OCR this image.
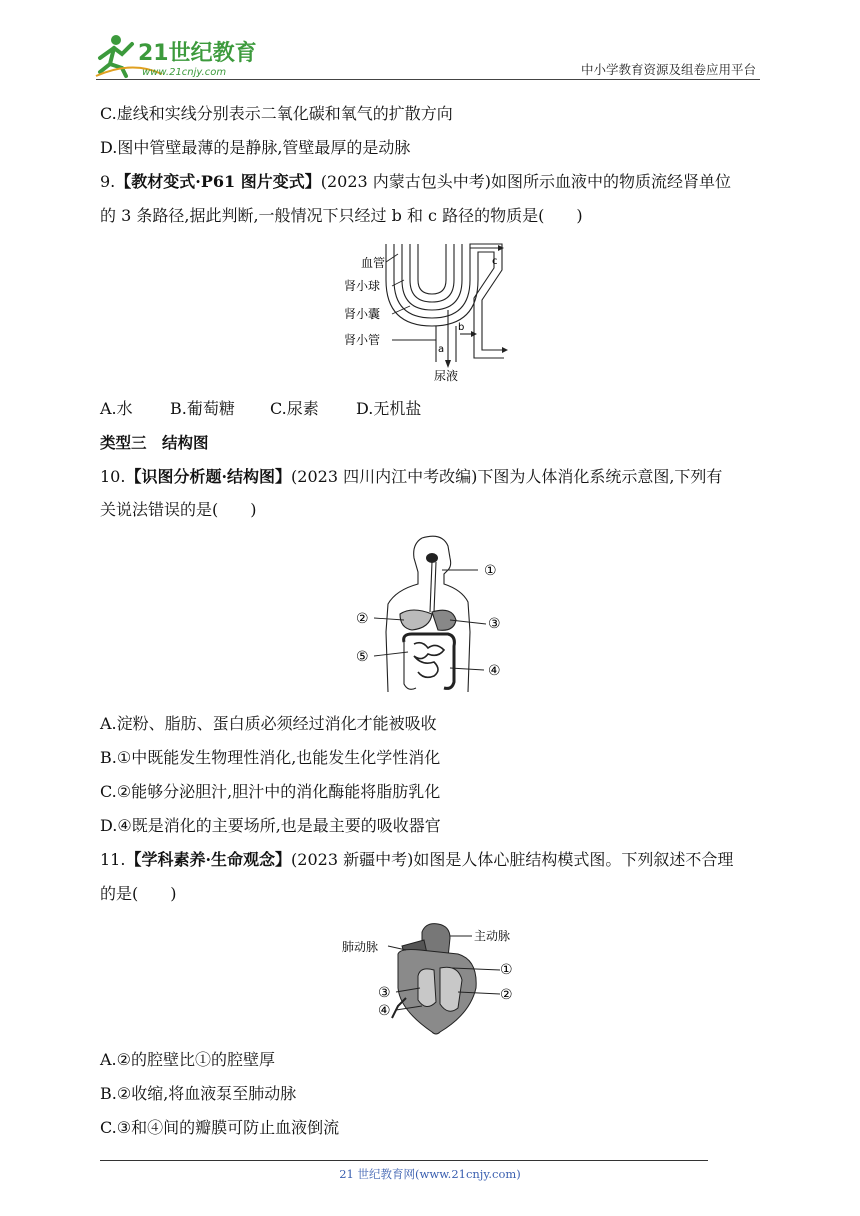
21世纪教育
www.21cnjy.com	中小学教育资源及组卷应用平台
C.虚线和实线分别表示二氧化碳和氧气的扩散方向
D.图中管壁最薄的是静脉,管壁最厚的是动脉
9.【教材变式·P61 图片变式】(2023 内蒙古包头中考)如图所示血液中的物质流经肾单位
的 3 条路径,据此判断,一般情况下只经过 b 和 c 路径的物质是(　　)
血管
肾小球
肾小囊
肾小管
a
b
c
尿液
A.水 B.葡萄糖 C.尿素 D.无机盐
类型三　结构图
10.【识图分析题·结构图】(2023 四川内江中考改编)下图为人体消化系统示意图,下列有
关说法错误的是(　　)
①
②	③
⑤
④
A.淀粉、脂肪、蛋白质必须经过消化才能被吸收
B.①中既能发生物理性消化,也能发生化学性消化
C.②能够分泌胆汁,胆汁中的消化酶能将脂肪乳化
D.④既是消化的主要场所,也是最主要的吸收器官
11.【学科素养·生命观念】(2023 新疆中考)如图是人体心脏结构模式图。下列叙述不合理
的是(　　)
肺动脉
主动脉
①
②
③
④
A.②的腔壁比①的腔壁厚
B.②收缩,将血液泵至肺动脉
C.③和④间的瓣膜可防止血液倒流
21 世纪教育网(www.21cnjy.com)
